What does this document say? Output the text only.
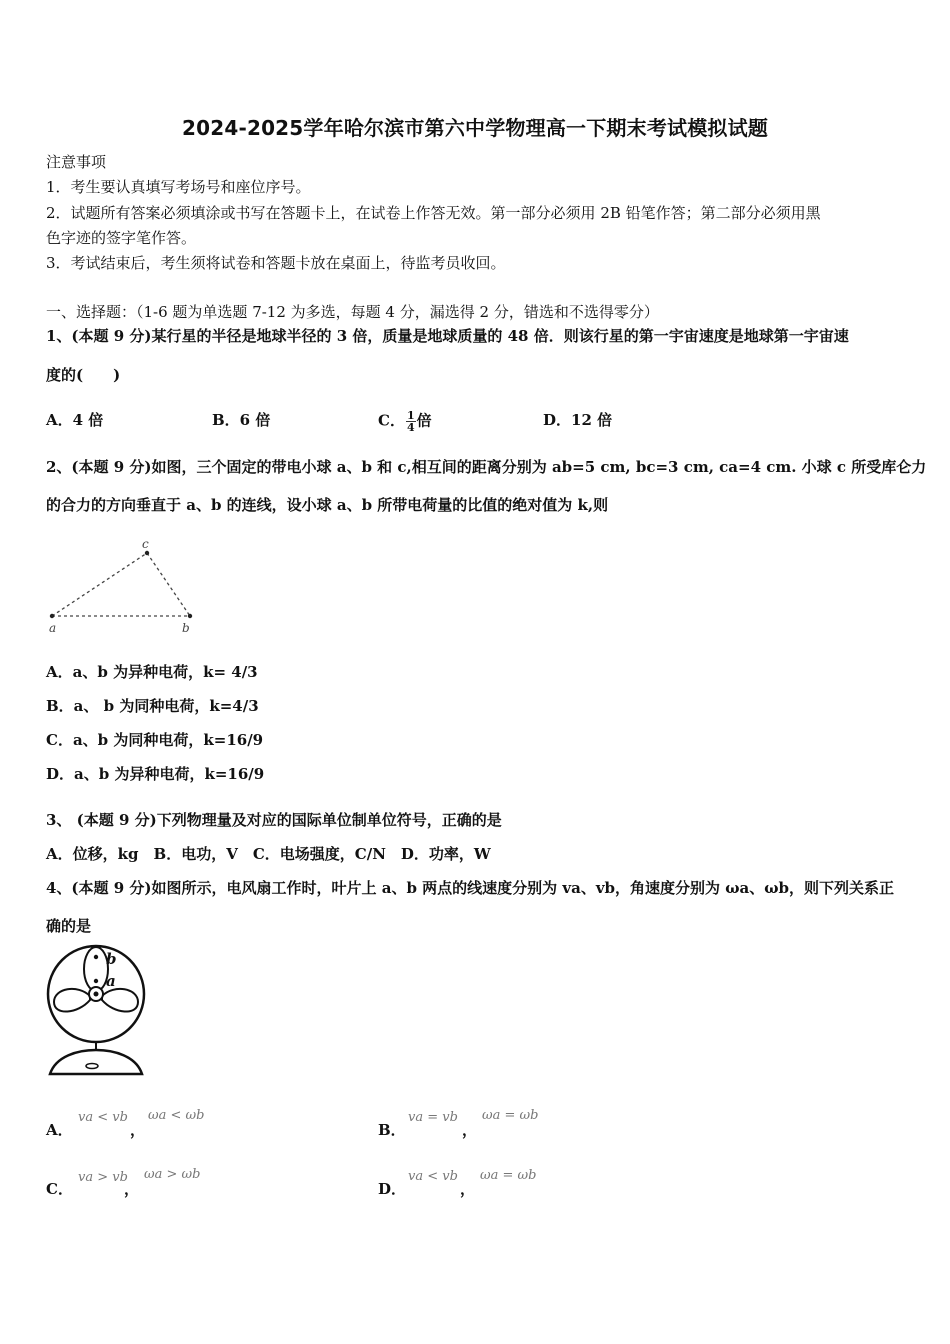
2024-2025学年哈尔滨市第六中学物理高一下期末考试模拟试题
注意事项
1．考生要认真填写考场号和座位序号。
2．试题所有答案必须填涂或书写在答题卡上，在试卷上作答无效。第一部分必须用 2B 铅笔作答；第二部分必须用黑
色字迹的签字笔作答。
3．考试结束后，考生须将试卷和答题卡放在桌面上，待监考员收回。
一、选择题：（1-6 题为单选题 7-12 为多选，每题 4 分，漏选得 2 分，错选和不选得零分）
1、(本题 9 分)某行星的半径是地球半径的 3 倍，质量是地球质量的 48 倍．则该行星的第一宇宙速度是地球第一宇宙速
度的(　　)
A．4 倍	B．6 倍	C． $\frac{1}{4}$ 倍	D．12 倍
2、(本题 9 分)如图，三个固定的带电小球 a、b 和 c,相互间的距离分别为 ab=5 cm, bc=3 cm, ca=4 cm. 小球 c 所受库仑力
的合力的方向垂直于 a、b 的连线，设小球 a、b 所带电荷量的比值的绝对值为 k,则
a	b
c
A．a、b 为异种电荷，k= 4/3
B．a、 b 为同种电荷，k=4/3
C．a、b 为同种电荷，k=16/9
D．a、b 为异种电荷，k=16/9
3、 (本题 9 分)下列物理量及对应的国际单位制单位符号，正确的是
A．位移，kg　B．电功，V　C．电场强度，C/N　D．功率，W
4、(本题 9 分)如图所示，电风扇工作时，叶片上 a、b 两点的线速度分别为 va、vb，角速度分别为 ωa、ωb，则下列关系正
确的是
b
a
A．
va < vb
，
ωa < ωb
B．
va = vb
，
ωa = ωb
C．
va > vb
，
ωa > ωb
D．
va < vb
，
ωa = ωb
